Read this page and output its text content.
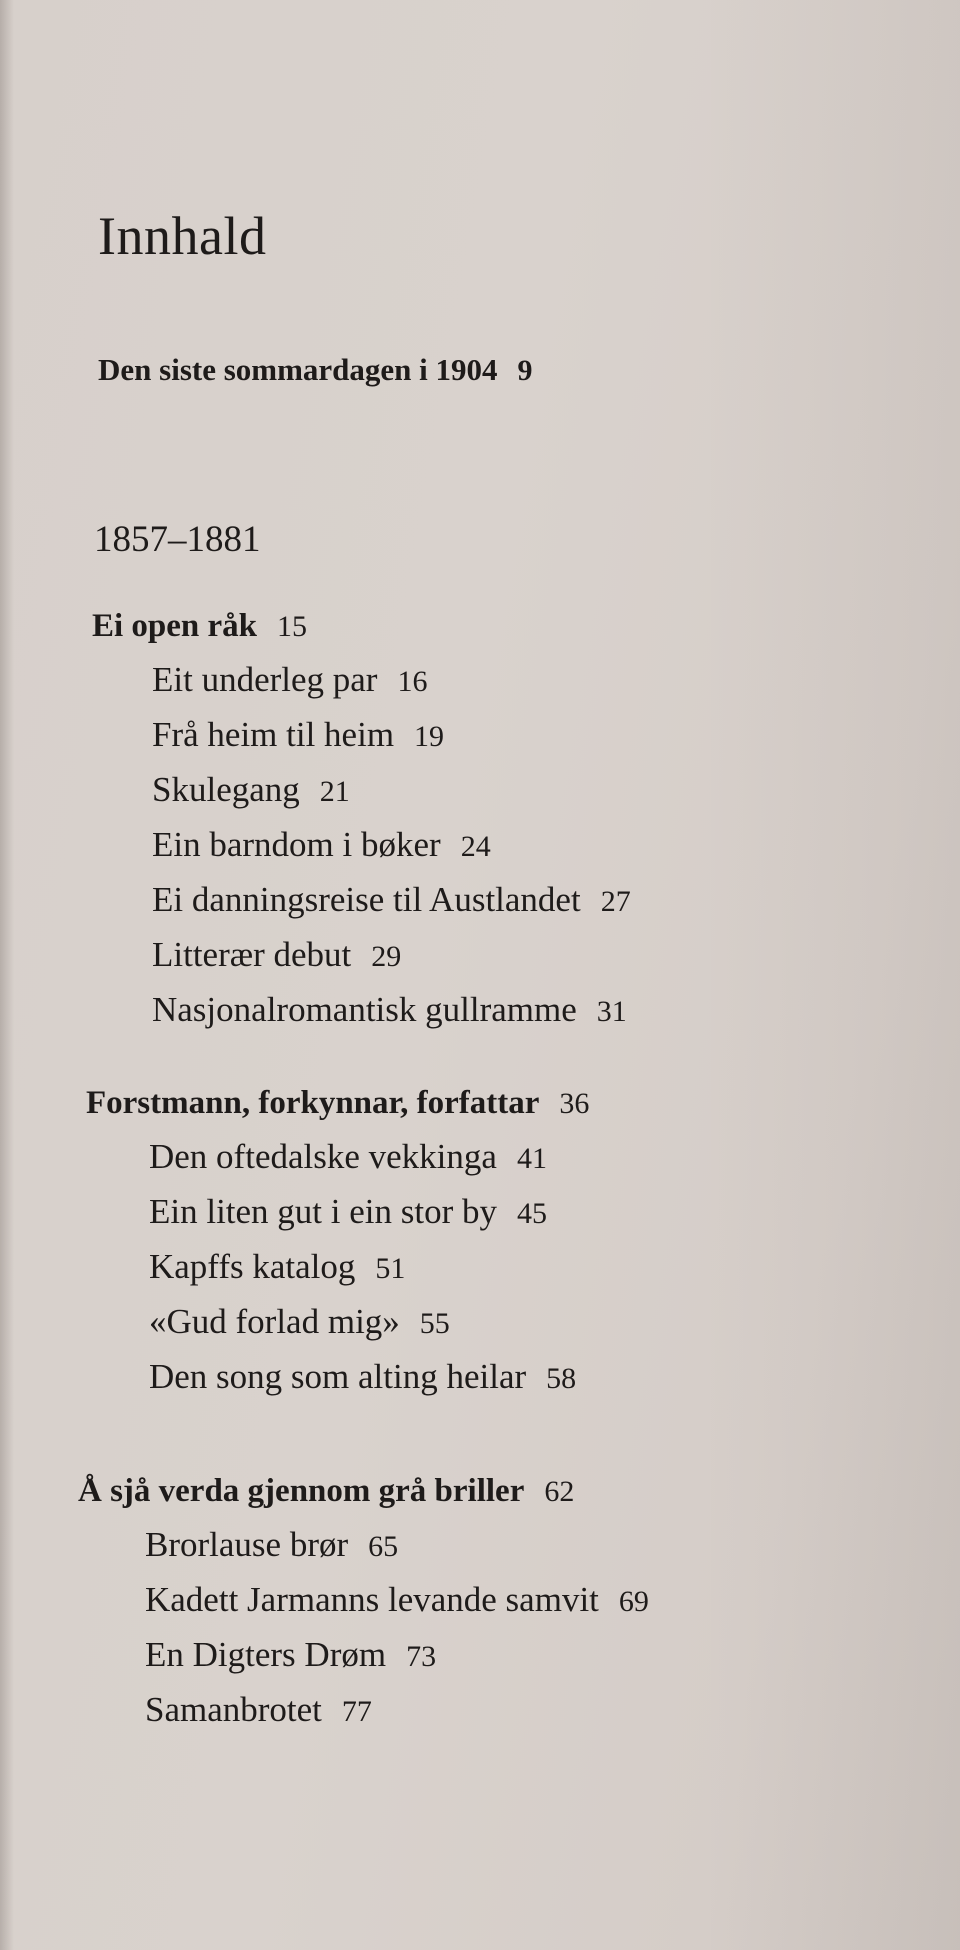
Innhald
Den siste sommardagen i 1904 9
1857–1881
Ei open råk 15
Eit underleg par 16
Frå heim til heim 19
Skulegang 21
Ein barndom i bøker 24
Ei danningsreise til Austlandet 27
Litterær debut 29
Nasjonalromantisk gullramme 31
Forstmann, forkynnar, forfattar 36
Den oftedalske vekkinga 41
Ein liten gut i ein stor by 45
Kapffs katalog 51
«Gud forlad mig» 55
Den song som alting heilar 58
Å sjå verda gjennom grå briller 62
Brorlause brør 65
Kadett Jarmanns levande samvit 69
En Digters Drøm 73
Samanbrotet 77
